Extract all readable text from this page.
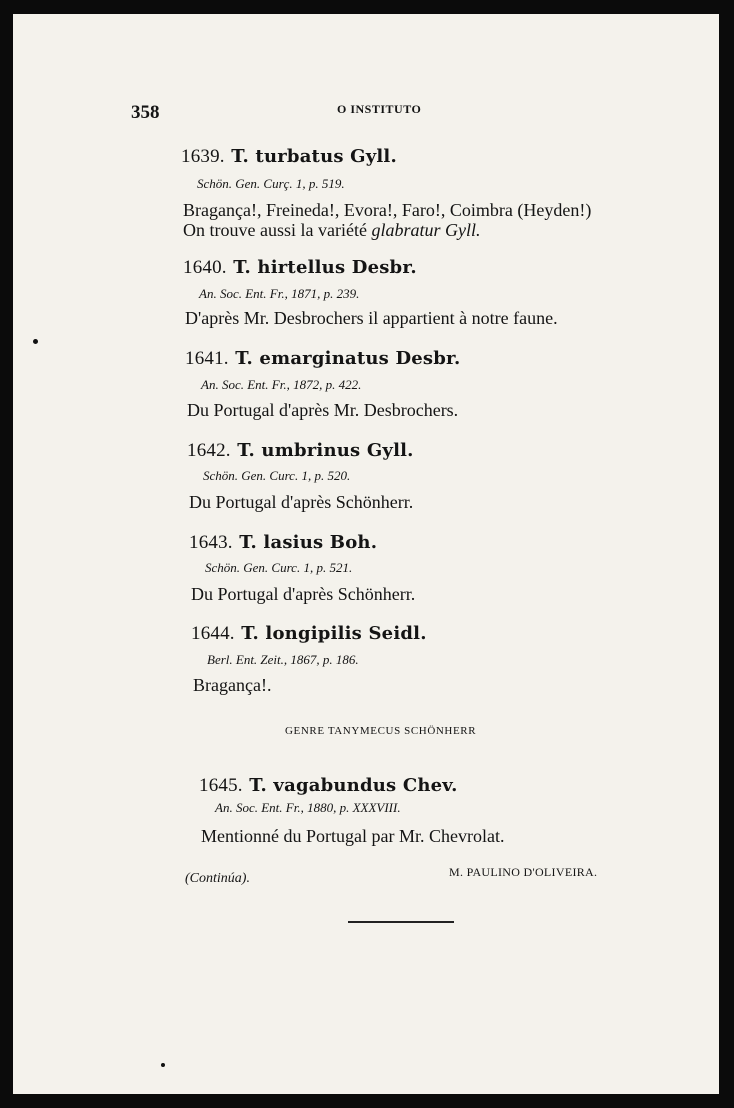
358	O INSTITUTO
1639. T. turbatus Gyll.
Schön. Gen. Curç. 1, p. 519.
Bragança!, Freineda!, Evora!, Faro!, Coimbra (Heyden!)
On trouve aussi la variété glabratur Gyll.
1640. T. hirtellus Desbr.
An. Soc. Ent. Fr., 1871, p. 239.
D'après Mr. Desbrochers il appartient à notre faune.
1641. T. emarginatus Desbr.
An. Soc. Ent. Fr., 1872, p. 422.
Du Portugal d'après Mr. Desbrochers.
1642. T. umbrinus Gyll.
Schön. Gen. Curc. 1, p. 520.
Du Portugal d'après Schönherr.
1643. T. lasius Boh.
Schön. Gen. Curc. 1, p. 521.
Du Portugal d'après Schönherr.
1644. T. longipilis Seidl.
Berl. Ent. Zeit., 1867, p. 186.
Bragança!.
GENRE TANYMECUS SCHÖNHERR
1645. T. vagabundus Chev.
An. Soc. Ent. Fr., 1880, p. XXXVIII.
Mentionné du Portugal par Mr. Chevrolat.
(Continúa).	M. PAULINO D'OLIVEIRA.
